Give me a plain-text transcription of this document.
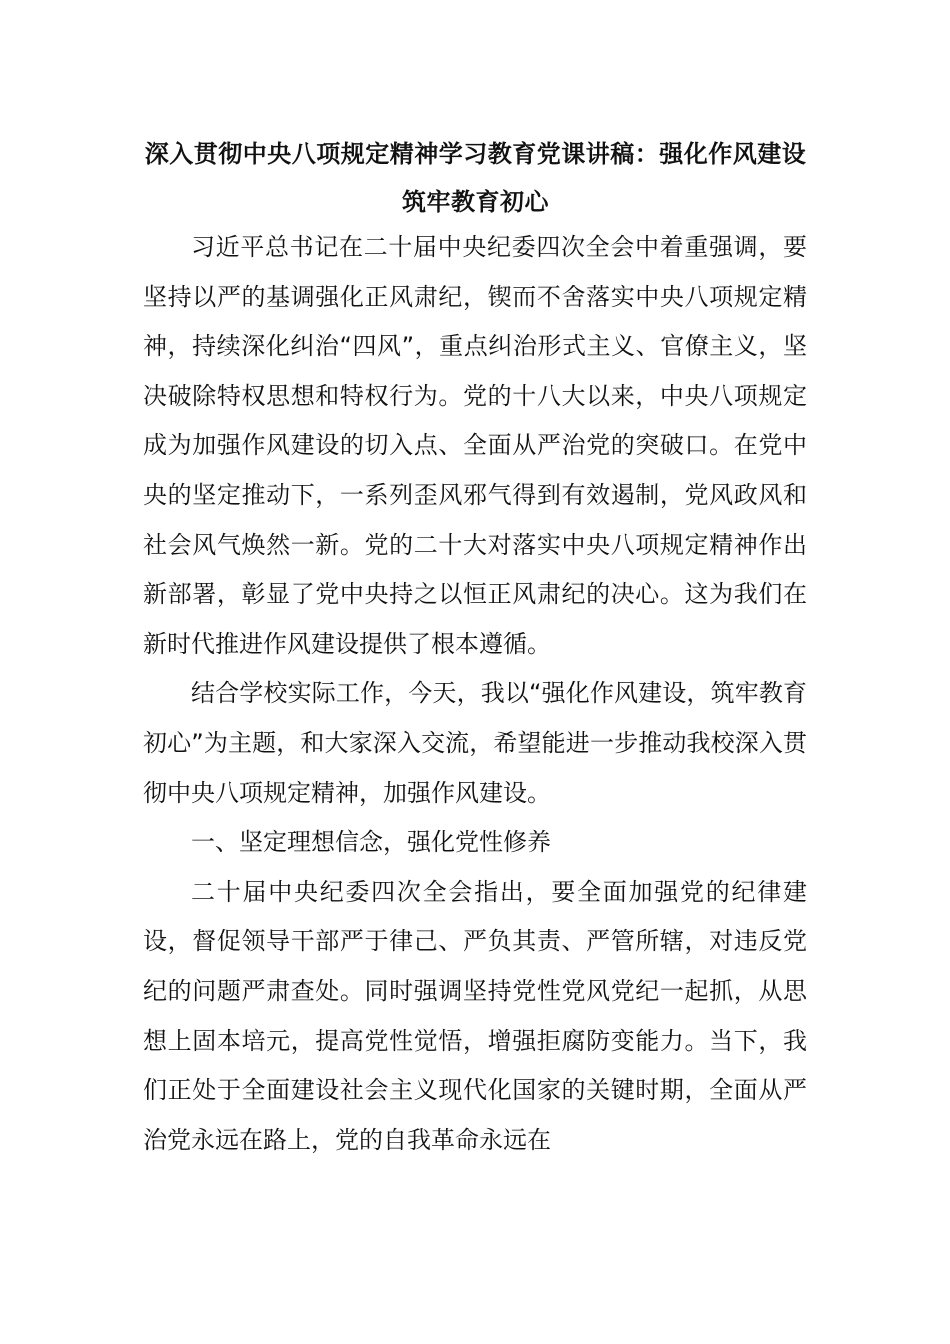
深入贯彻中央八项规定精神学习教育党课讲稿：强化作风建设筑牢教育初心

习近平总书记在二十届中央纪委四次全会中着重强调，要坚持以严的基调强化正风肃纪，锲而不舍落实中央八项规定精神，持续深化纠治“四风”，重点纠治形式主义、官僚主义，坚决破除特权思想和特权行为。党的十八大以来，中央八项规定成为加强作风建设的切入点、全面从严治党的突破口。在党中央的坚定推动下，一系列歪风邪气得到有效遏制，党风政风和社会风气焕然一新。党的二十大对落实中央八项规定精神作出新部署，彰显了党中央持之以恒正风肃纪的决心。这为我们在新时代推进作风建设提供了根本遵循。

结合学校实际工作，今天，我以“强化作风建设，筑牢教育初心”为主题，和大家深入交流，希望能进一步推动我校深入贯彻中央八项规定精神，加强作风建设。

一、坚定理想信念，强化党性修养

二十届中央纪委四次全会指出，要全面加强党的纪律建设，督促领导干部严于律己、严负其责、严管所辖，对违反党纪的问题严肃查处。同时强调坚持党性党风党纪一起抓，从思想上固本培元，提高党性觉悟，增强拒腐防变能力。当下，我们正处于全面建设社会主义现代化国家的关键时期，全面从严治党永远在路上，党的自我革命永远在
